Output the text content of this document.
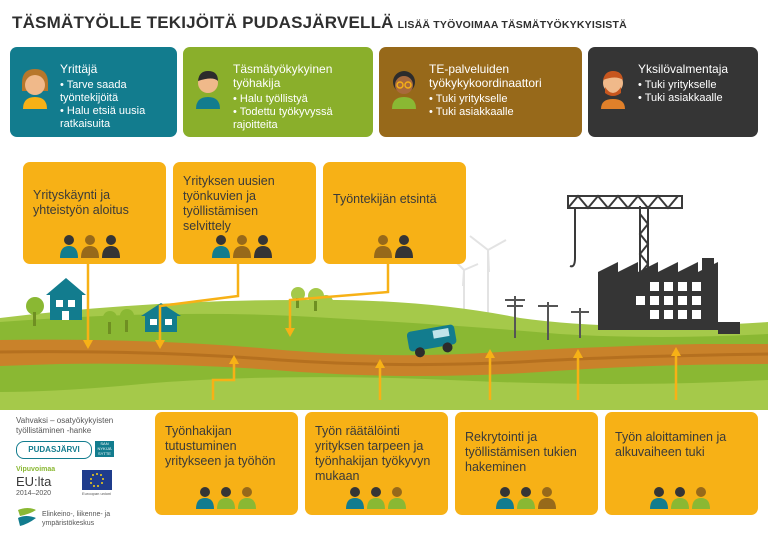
TÄSMÄTYÖLLE TEKIJÖITÄ PUDASJÄRVELLÄ LISÄÄ TYÖVOIMAA TÄSMÄTYÖKYKYISISTÄ
Yrittäjä
• Tarve saada työntekijöitä
• Halu etsiä uusia ratkaisuita
Täsmätyökykyinen työhakija
• Halu työllistyä
• Todettu työkyvyssä rajoitteita
TE-palveluiden työkykykoordinaattori
• Tuki yritykselle
• Tuki asiakkaalle
Yksilövalmentaja
• Tuki yritykselle
• Tuki asiakkaalle
Yrityskäynti ja yhteistyön aloitus
Yrityksen uusien työnkuvien ja työllistämisen selvittely
Työntekijän etsintä
Työnhakijan tutustuminen yritykseen ja työhön
Työn räätälöinti yrityksen tarpeen ja työnhakijan työkyvyn mukaan
Rekrytointi ja työllistämisen tukien hakeminen
Työn aloittaminen ja alkuvaiheen tuki
Vahvaksi – osatyökykyisten työllistäminen -hanke
PUDASJÄRVI
SAN NYKIJÄ SYTTE
Vipuvoimaa
EU:lta
2014–2020	Euroopan unioni
Elinkeino-, liikenne- ja ympäristökeskus
